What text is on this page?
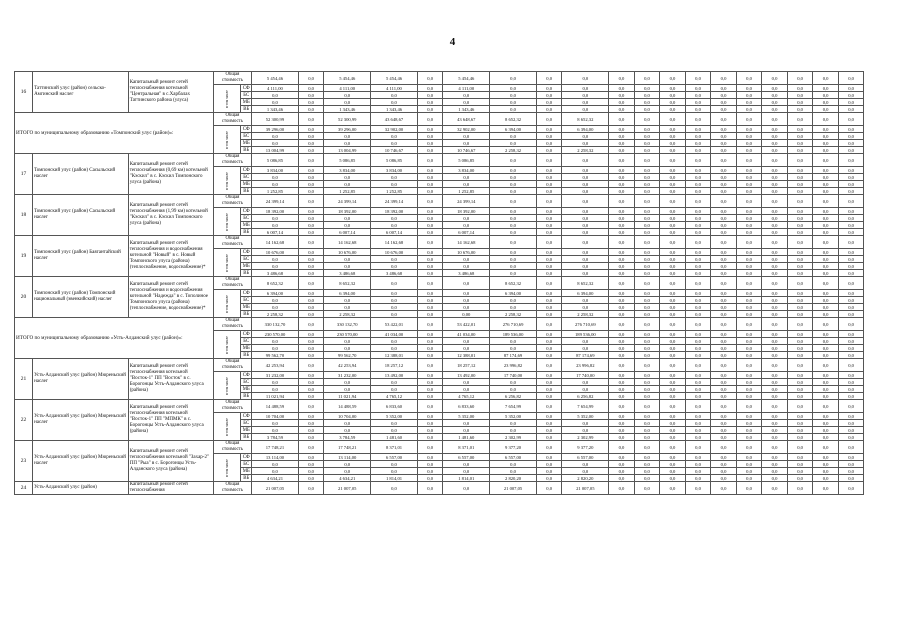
4
16	Таттинский улус (район) сельско-Амгинский наслег	Капитальный ремонт сетей теплоснабжения котельной "Центральная" в с.Харбалах Таттинского района (улуса)	Общая стоимость		5 454,46	0,0	5 454,46	5 454,46	0,0	5 454,46	0,0	0,0	0,0	0,0	0,0	0,0	0,0	0,0	0,0	0,0	0,0	0,0	0,0
			в том числе	СФ	4 111,00	0,0	4 111,00	4 111,00	0,0	4 111,00	0,0	0,0	0,0	0,0	0,0	0,0	0,0	0,0	0,0	0,0	0,0	0,0	0,0
				БС	0,0	0,0	0,0	0,0	0,0	0,0	0,0	0,0	0,0	0,0	0,0	0,0	0,0	0,0	0,0	0,0	0,0	0,0	0,0
				МБ	0,0	0,0	0,0	0,0	0,0	0,0	0,0	0,0	0,0	0,0	0,0	0,0	0,0	0,0	0,0	0,0	0,0	0,0	0,0
				ВБ	1 343,46	0,0	1 343,46	1 343,46	0,0	1 343,46	0,0	0,0	0,0	0,0	0,0	0,0	0,0	0,0	0,0	0,0	0,0	0,0	0,0
ИТОГО по муниципальному образованию «Томпонский улус (район)»:			Общая стоимость		52 300,99	0,0	52 300,99	43 648,67	0,0	43 648,67	8 652,32	0,0	8 652,32	0,0	0,0	0,0	0,0	0,0	0,0	0,0	0,0	0,0	0,0
			в том числе	СФ	39 296,00	0,0	39 296,00	32 902,00	0,0	32 902,00	6 394,00	0,0	6 394,00	0,0	0,0	0,0	0,0	0,0	0,0	0,0	0,0	0,0	0,0
				БС	0,0	0,0	0,0	0,0	0,0	0,0	0,0	0,0	0,0	0,0	0,0	0,0	0,0	0,0	0,0	0,0	0,0	0,0	0,0
				МБ	0,0	0,0	0,0	0,0	0,0	0,0	0,0	0,0	0,0	0,0	0,0	0,0	0,0	0,0	0,0	0,0	0,0	0,0	0,0
				ВБ	13 004,99	0,0	13 004,99	10 746,67	0,0	10 746,67	2 258,32	0,0	2 258,32	0,0	0,0	0,0	0,0	0,0	0,0	0,0	0,0	0,0	0,0
17	Томпонский улус (район) Сасыльский наслег	Капитальный ремонт сетей теплоснабжения (0,69 км) котельной "Кэскил" в с. Кэскил Томпонского улуса (района)	Общая стоимость		5 086,85	0,0	5 086,85	5 086,85	0,0	5 086,85	0,0	0,0	0,0	0,0	0,0	0,0	0,0	0,0	0,0	0,0	0,0	0,0	0,0
			в том числе	СФ	3 834,00	0,0	3 834,00	3 834,00	0,0	3 834,00	0,0	0,0	0,0	0,0	0,0	0,0	0,0	0,0	0,0	0,0	0,0	0,0	0,0
				БС	0,0	0,0	0,0	0,0	0,0	0,0	0,0	0,0	0,0	0,0	0,0	0,0	0,0	0,0	0,0	0,0	0,0	0,0	0,0
				МБ	0,0	0,0	0,0	0,0	0,0	0,0	0,0	0,0	0,0	0,0	0,0	0,0	0,0	0,0	0,0	0,0	0,0	0,0	0,0
				ВБ	1 252,85	0,0	1 252,85	1 252,85	0,0	1 252,85	0,0	0,0	0,0	0,0	0,0	0,0	0,0	0,0	0,0	0,0	0,0	0,0	0,0
18	Томпонский улус (район) Сасыльский наслег	Капитальный ремонт сетей теплоснабжения (1,99 км) котельной "Кэскил" в с. Кэскил Томпонского улуса (района)	Общая стоимость		24 399,14	0,0	24 399,14	24 399,14	0,0	24 399,14	0,0	0,0	0,0	0,0	0,0	0,0	0,0	0,0	0,0	0,0	0,0	0,0	0,0
			в том числе	СФ	18 392,00	0,0	18 392,00	18 392,00	0,0	18 392,00	0,0	0,0	0,0	0,0	0,0	0,0	0,0	0,0	0,0	0,0	0,0	0,0	0,0
				БС	0,0	0,0	0,0	0,0	0,0	0,0	0,0	0,0	0,0	0,0	0,0	0,0	0,0	0,0	0,0	0,0	0,0	0,0	0,0
				МБ	0,0	0,0	0,0	0,0	0,0	0,0	0,0	0,0	0,0	0,0	0,0	0,0	0,0	0,0	0,0	0,0	0,0	0,0	0,0
				ВБ	6 007,14	0,0	6 007,14	6 007,14	0,0	6 007,14	0,0	0,0	0,0	0,0	0,0	0,0	0,0	0,0	0,0	0,0	0,0	0,0	0,0
19	Томпонский улус (район) Баягантайский наслег	Капитальный ремонт сетей теплоснабжения и водоснабжения котельной "Новый" в с. Новый Томпонского улуса (района)(теплоснабжение, водоснабжение)*	Общая стоимость		14 162,68	0,0	14 162,68	14 162,68	0,0	14 162,68	0,0	0,0	0,0	0,0	0,0	0,0	0,0	0,0	0,0	0,0	0,0	0,0	0,0
			в том числе	СФ	10 676,00	0,0	10 676,00	10 676,00	0,0	10 676,00	0,0	0,0	0,0	0,0	0,0	0,0	0,0	0,0	0,0	0,0	0,0	0,0	0,0
				БС	0,0	0,0	0,0	0,0	0,0	0,0	0,0	0,0	0,0	0,0	0,0	0,0	0,0	0,0	0,0	0,0	0,0	0,0	0,0
				МБ	0,0	0,0	0,0	0,0	0,0	0,0	0,0	0,0	0,0	0,0	0,0	0,0	0,0	0,0	0,0	0,0	0,0	0,0	0,0
				ВБ	3 486,68	0,0	3 486,68	3 486,68	0,0	3 486,68	0,0	0,0	0,0	0,0	0,0	0,0	0,0	0,0	0,0	0,0	0,0	0,0	0,0
20	Томпонский улус (район) Томпонский национальный (эвенкийский) наслег	Капитальный ремонт сетей теплоснабжения и водоснабжения котельной "Надежда" в с. Тополиное Томпонского улуса (района)(теплоснабжение, водоснабжение)*	Общая стоимость		8 652,32	0,0	8 652,32	0,0	0,0	0,0	8 652,32	0,0	8 652,32	0,0	0,0	0,0	0,0	0,0	0,0	0,0	0,0	0,0	0,0
			в том числе	СФ	6 394,00	0,0	6 394,00	0,0	0,0	0,0	6 394,00	0,0	6 394,00	0,0	0,0	0,0	0,0	0,0	0,0	0,0	0,0	0,0	0,0
				БС	0,0	0,0	0,0	0,0	0,0	0,0	0,0	0,0	0,0	0,0	0,0	0,0	0,0	0,0	0,0	0,0	0,0	0,0	0,0
				МБ	0,0	0,0	0,0	0,0	0,0	0,0	0,0	0,0	0,0	0,0	0,0	0,0	0,0	0,0	0,0	0,0	0,0	0,0	0,0
				ВБ	2 258,32	0,0	2 258,32	0,0	0,0	0,00	2 258,32	0,0	2 258,32	0,0	0,0	0,0	0,0	0,0	0,0	0,0	0,0	0,0	0,0
ИТОГО по муниципальному образованию «Усть-Алданский улус (район)»:			Общая стоимость		330 132,70	0,0	330 132,70	53 422,01	0,0	53 422,01	276 710,69	0,0	276 710,69	0,0	0,0	0,0	0,0	0,0	0,0	0,0	0,0	0,0	0,0
			в том числе	СФ	230 570,00	0,0	230 570,00	41 034,00	0,0	41 034,00	189 536,00	0,0	189 536,00	0,0	0,0	0,0	0,0	0,0	0,0	0,0	0,0	0,0	0,0
				БС	0,0	0,0	0,0	0,0	0,0	0,0	0,0	0,0	0,0	0,0	0,0	0,0	0,0	0,0	0,0	0,0	0,0	0,0	0,0
				МБ	0,0	0,0	0,0	0,0	0,0	0,0	0,0	0,0	0,0	0,0	0,0	0,0	0,0	0,0	0,0	0,0	0,0	0,0	0,0
				ВБ	99 562,70	0,0	99 562,70	12 388,01	0,0	12 388,01	87 174,69	0,0	87 174,69	0,0	0,0	0,0	0,0	0,0	0,0	0,0	0,0	0,0	0,0
21	Усть-Алданский улус (район) Мюреньский наслег	Капитальный ремонт сетей теплоснабжения котельной "Восток-1" ПП "Восток" в с. Борогонцы Усть-Алданского улуса (района)	Общая стоимость		42 253,94	0,0	42 253,94	18 257,12	0,0	18 257,12	23 996,82	0,0	23 996,82	0,0	0,0	0,0	0,0	0,0	0,0	0,0	0,0	0,0	0,0
			в том числе	СФ	31 232,00	0,0	31 232,00	13 492,00	0,0	13 492,00	17 740,00	0,0	17 740,00	0,0	0,0	0,0	0,0	0,0	0,0	0,0	0,0	0,0	0,0
				БС	0,0	0,0	0,0	0,0	0,0	0,0	0,0	0,0	0,0	0,0	0,0	0,0	0,0	0,0	0,0	0,0	0,0	0,0	0,0
				МБ	0,0	0,0	0,0	0,0	0,0	0,0	0,0	0,0	0,0	0,0	0,0	0,0	0,0	0,0	0,0	0,0	0,0	0,0	0,0
				ВБ	11 021,94	0,0	11 021,94	4 765,12	0,0	4 765,12	6 256,82	0,0	6 256,82	0,0	0,0	0,0	0,0	0,0	0,0	0,0	0,0	0,0	0,0
22	Усть-Алданский улус (район) Мюреньский наслег	Капитальный ремонт сетей теплоснабжения котельной "Восток-1" ПП "МПМК" в с. Борогонцы Усть-Алданского улуса (района)	Общая стоимость		14 488,59	0,0	14 488,59	6 833,60	0,0	6 833,60	7 654,99	0,0	7 654,99	0,0	0,0	0,0	0,0	0,0	0,0	0,0	0,0	0,0	0,0
			в том числе	СФ	10 704,00	0,0	10 704,00	5 352,00	0,0	5 352,00	5 352,00	0,0	5 352,00	0,0	0,0	0,0	0,0	0,0	0,0	0,0	0,0	0,0	0,0
				БС	0,0	0,0	0,0	0,0	0,0	0,0	0,0	0,0	0,0	0,0	0,0	0,0	0,0	0,0	0,0	0,0	0,0	0,0	0,0
				МБ	0,0	0,0	0,0	0,0	0,0	0,0	0,0	0,0	0,0	0,0	0,0	0,0	0,0	0,0	0,0	0,0	0,0	0,0	0,0
				ВБ	3 784,59	0,0	3 784,59	1 481,60	0,0	1 481,60	2 302,99	0,0	2 302,99	0,0	0,0	0,0	0,0	0,0	0,0	0,0	0,0	0,0	0,0
23	Усть-Алданский улус (район) Мюреньский наслег	Капитальный ремонт сетей теплоснабжения котельной "Захар-2" ПП "Рыа" в с. Борогонцы Усть-Алданского улуса (района)	Общая стоимость		17 748,21	0,0	17 748,21	8 371,01	0,0	8 371,01	9 377,20	0,0	9 377,20	0,0	0,0	0,0	0,0	0,0	0,0	0,0	0,0	0,0	0,0
			в том числе	СФ	13 114,00	0,0	13 114,00	6 557,00	0,0	6 557,00	6 557,00	0,0	6 557,00	0,0	0,0	0,0	0,0	0,0	0,0	0,0	0,0	0,0	0,0
				БС	0,0	0,0	0,0	0,0	0,0	0,0	0,0	0,0	0,0	0,0	0,0	0,0	0,0	0,0	0,0	0,0	0,0	0,0	0,0
				МБ	0,0	0,0	0,0	0,0	0,0	0,0	0,0	0,0	0,0	0,0	0,0	0,0	0,0	0,0	0,0	0,0	0,0	0,0	0,0
				ВБ	4 634,21	0,0	4 634,21	1 814,01	0,0	1 814,01	2 820,20	0,0	2 820,20	0,0	0,0	0,0	0,0	0,0	0,0	0,0	0,0	0,0	0,0
24	Усть-Алданский улус (район)	Капитальный ремонт сетей теплоснабжения	Общая стоимость		21 007,05	0,0	21 007,05	0,0	0,0	0,0	21 007,05	0,0	21 007,05	0,0	0,0	0,0	0,0	0,0	0,0	0,0	0,0	0,0	0,0
